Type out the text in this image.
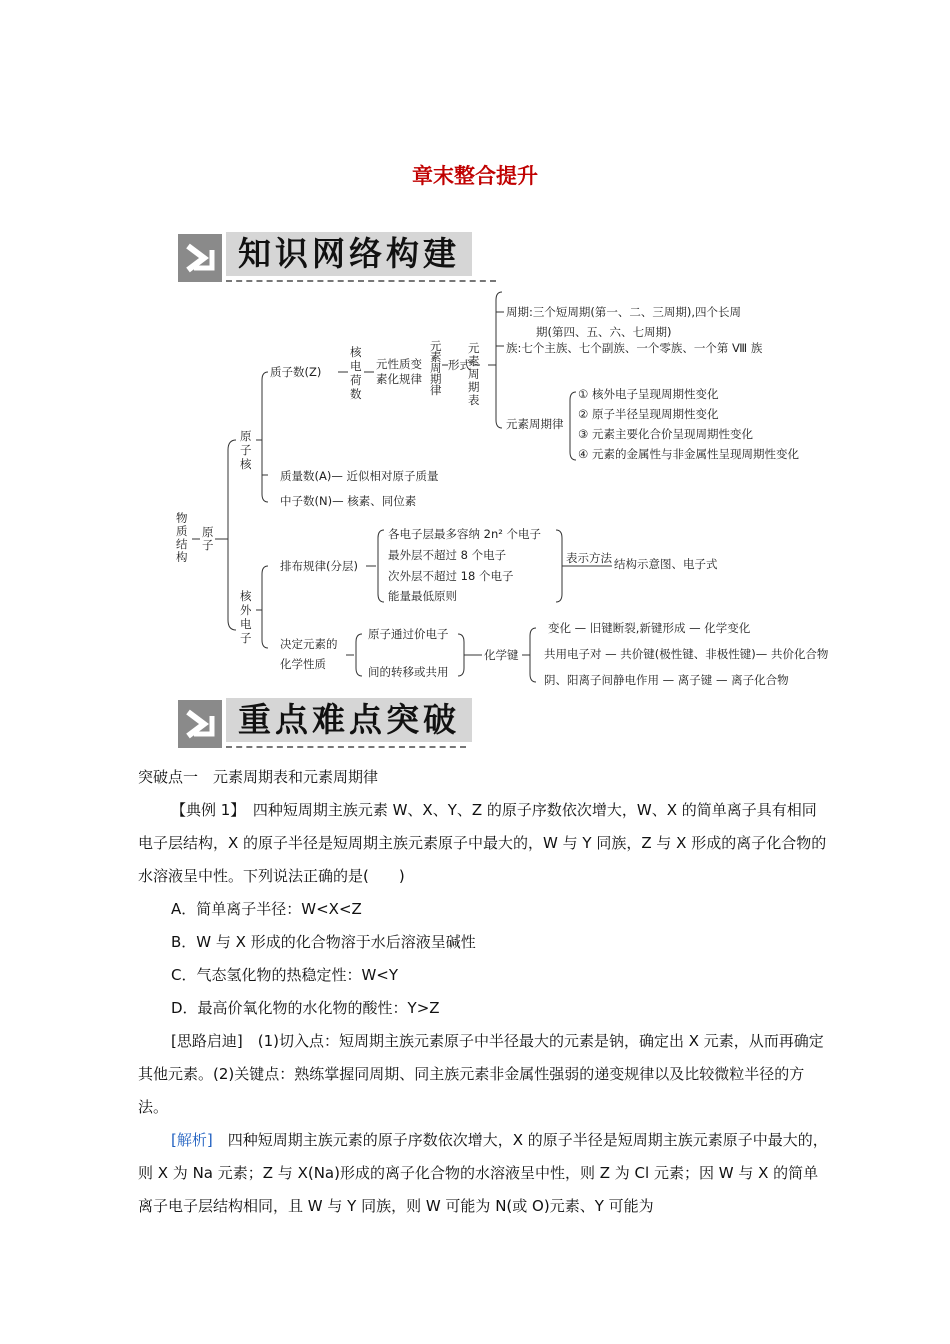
章末整合提升
知识网络构建
物
质
结
构
原
子
原
子
核
核
外
电
子
质子数(Z)
核
电
荷
数
元性质变
素化规律
元
素
周
期
律
形式
元
素
周
期
表
周期:三个短周期(第一、二、三周期),四个长周
期(第四、五、六、七周期)
族:七个主族、七个副族、一个零族、一个第 Ⅷ 族
元素周期律
① 核外电子呈现周期性变化
② 原子半径呈现周期性变化
③ 元素主要化合价呈现周期性变化
④ 元素的金属性与非金属性呈现周期性变化
质量数(A)— 近似相对原子质量
中子数(N)— 核素、同位素
排布规律(分层)
各电子层最多容纳 2n² 个电子
最外层不超过 8 个电子
次外层不超过 18 个电子
能量最低原则
表示方法 结构示意图、电子式
决定元素的
化学性质
原子通过价电子
间的转移或共用
化学键
变化 — 旧键断裂,新键形成 — 化学变化
共用电子对 — 共价键(极性键、非极性键)— 共价化合物
阴、阳离子间静电作用 — 离子键 — 离子化合物
重点难点突破
突破点一　元素周期表和元素周期律
【典例 1】　四种短周期主族元素 W、X、Y、Z 的原子序数依次增大，W、X 的简单离子具有相同电子层结构，X 的原子半径是短周期主族元素原子中最大的，W 与 Y 同族，Z 与 X 形成的离子化合物的水溶液呈中性。下列说法正确的是(　　)
A．简单离子半径：W<X<Z
B．W 与 X 形成的化合物溶于水后溶液呈碱性
C．气态氢化物的热稳定性：W<Y
D．最高价氧化物的水化物的酸性：Y>Z
[思路启迪]　(1)切入点：短周期主族元素原子中半径最大的元素是钠，确定出 X 元素，从而再确定其他元素。(2)关键点：熟练掌握同周期、同主族元素非金属性强弱的递变规律以及比较微粒半径的方法。
[解析]　四种短周期主族元素的原子序数依次增大，X 的原子半径是短周期主族元素原子中最大的，则 X 为 Na 元素；Z 与 X(Na)形成的离子化合物的水溶液呈中性，则 Z 为 Cl 元素；因 W 与 X 的简单离子电子层结构相同，且 W 与 Y 同族，则 W 可能为 N(或 O)元素、Y 可能为
